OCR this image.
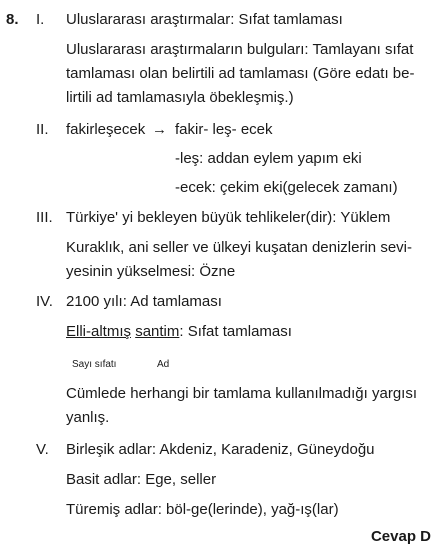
8. I. Uluslararası araştırmalar: Sıfat tamlaması
Uluslararası araştırmaların bulguları: Tamlayanı sıfat
tamlaması olan belirtili ad tamlaması (Göre edatı be-
lirtili ad tamlamasıyla öbekleşmiş.)
II. fakirleşecek → fakir- leş- ecek
-leş: addan eylem yapım eki
-ecek: çekim eki(gelecek zamanı)
III. Türkiye' yi bekleyen büyük tehlikeler(dir): Yüklem
Kuraklık, ani seller ve ülkeyi kuşatan denizlerin sevi-
yesinin yükselmesi: Özne
IV. 2100 yılı: Ad tamlaması
Elli-altmış santim: Sıfat tamlaması
Sayı sıfatı	Ad
Cümlede herhangi bir tamlama kullanılmadığı yargısı
yanlış.
V. Birleşik adlar: Akdeniz, Karadeniz, Güneydoğu
Basit adlar: Ege, seller
Türemiş adlar: böl-ge(lerinde), yağ-ış(lar)
Cevap D
